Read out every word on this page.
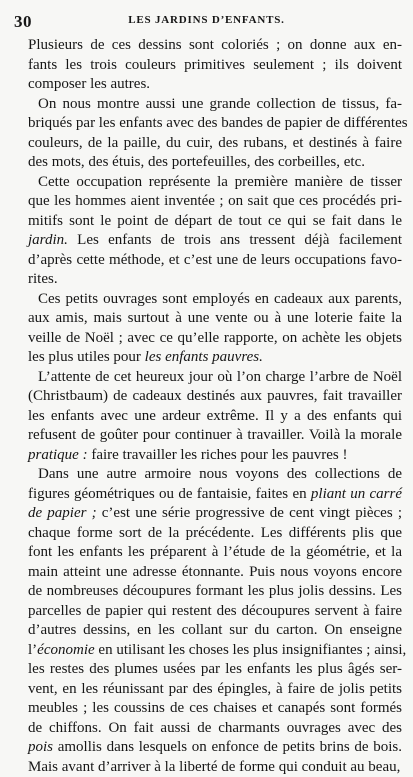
30	LES JARDINS D’ENFANTS.

Plusieurs de ces dessins sont coloriés ; on donne aux en-
fants les trois couleurs primitives seulement ; ils doivent
composer les autres.

On nous montre aussi une grande collection de tissus, fa-
briqués par les enfants avec des bandes de papier de différentes
couleurs, de la paille, du cuir, des rubans, et destinés à faire
des mots, des étuis, des portefeuilles, des corbeilles, etc.

Cette occupation représente la première manière de tisser
que les hommes aient inventée ; on sait que ces procédés pri-
mitifs sont le point de départ de tout ce qui se fait dans le
jardin. Les enfants de trois ans tressent déjà facilement
d’après cette méthode, et c’est une de leurs occupations favo-
rites.

Ces petits ouvrages sont employés en cadeaux aux parents,
aux amis, mais surtout à une vente ou à une loterie faite la
veille de Noël ; avec ce qu’elle rapporte, on achète les objets
les plus utiles pour les enfants pauvres.

L’attente de cet heureux jour où l’on charge l’arbre de Noël
(Christbaum) de cadeaux destinés aux pauvres, fait travailler
les enfants avec une ardeur extrême. Il y a des enfants qui
refusent de goûter pour continuer à travailler. Voilà la morale
pratique : faire travailler les riches pour les pauvres !

Dans une autre armoire nous voyons des collections de
figures géométriques ou de fantaisie, faites en pliant un carré
de papier ; c’est une série progressive de cent vingt pièces ;
chaque forme sort de la précédente. Les différents plis que
font les enfants les préparent à l’étude de la géométrie, et la
main atteint une adresse étonnante. Puis nous voyons encore
de nombreuses découpures formant les plus jolis dessins. Les
parcelles de papier qui restent des découpures servent à faire
d’autres dessins, en les collant sur du carton. On enseigne
l’économie en utilisant les choses les plus insignifiantes ; ainsi,
les restes des plumes usées par les enfants les plus âgés ser-
vent, en les réunissant par des épingles, à faire de jolis petits
meubles ; les coussins de ces chaises et canapés sont formés
de chiffons. On fait aussi de charmants ouvrages avec des
pois amollis dans lesquels on enfonce de petits brins de bois.
Mais avant d’arriver à la liberté de forme qui conduit au beau,
